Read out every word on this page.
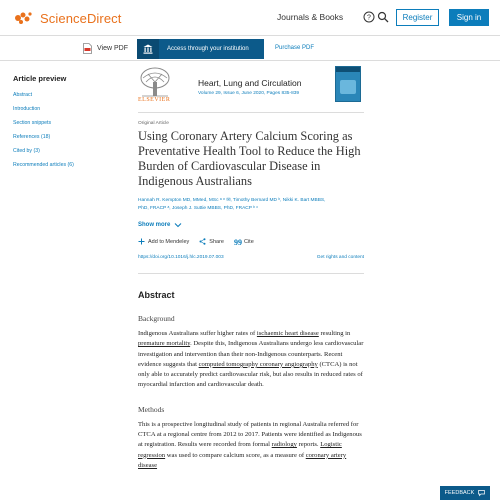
ScienceDirect	Journals & Books	?	Register	Sign in
View PDF	Access through your institution	Purchase PDF
Article preview
Abstract
Introduction
Section snippets
References (18)
Cited by (3)
Recommended articles (6)
ELSEVIER
Heart, Lung and Circulation
Volume 29, Issue 6, June 2020, Pages 835-839
Original Article
Using Coronary Artery Calcium Scoring as Preventative Health Tool to Reduce the High Burden of Cardiovascular Disease in Indigenous Australians
Hannah R. Kempton MD, MMed, MSc ᵃ ⁸ ✉, Timothy Bernard MD ᵇ, Nikki K. Bart MBBS,
PhD, FRACP ᵃ, Joseph J. Suttie MBBS, PhD, FRACP ᵇ ᶜ
Show more
Add to Mendeley	Share 99 Cite
https://doi.org/10.1016/j.hlc.2019.07.003	Get rights and content
Abstract
Background

Indigenous Australians suffer higher rates of ischaemic heart disease resulting in premature mortality. Despite this, Indigenous Australians undergo less cardiovascular investigation and intervention than their non-Indigenous counterparts. Recent evidence suggests that computed tomography coronary angiography (CTCA) is not only able to accurately predict cardiovascular risk, but also results in reduced rates of myocardial infarction and cardiovascular death.

Methods

This is a prospective longitudinal study of patients in regional Australia referred for CTCA at a regional centre from 2012 to 2017. Patients were identified as Indigenous at registration. Results were recorded from formal radiology reports. Logistic regression was used to compare calcium score, as a measure of coronary artery disease

FEEDBACK
